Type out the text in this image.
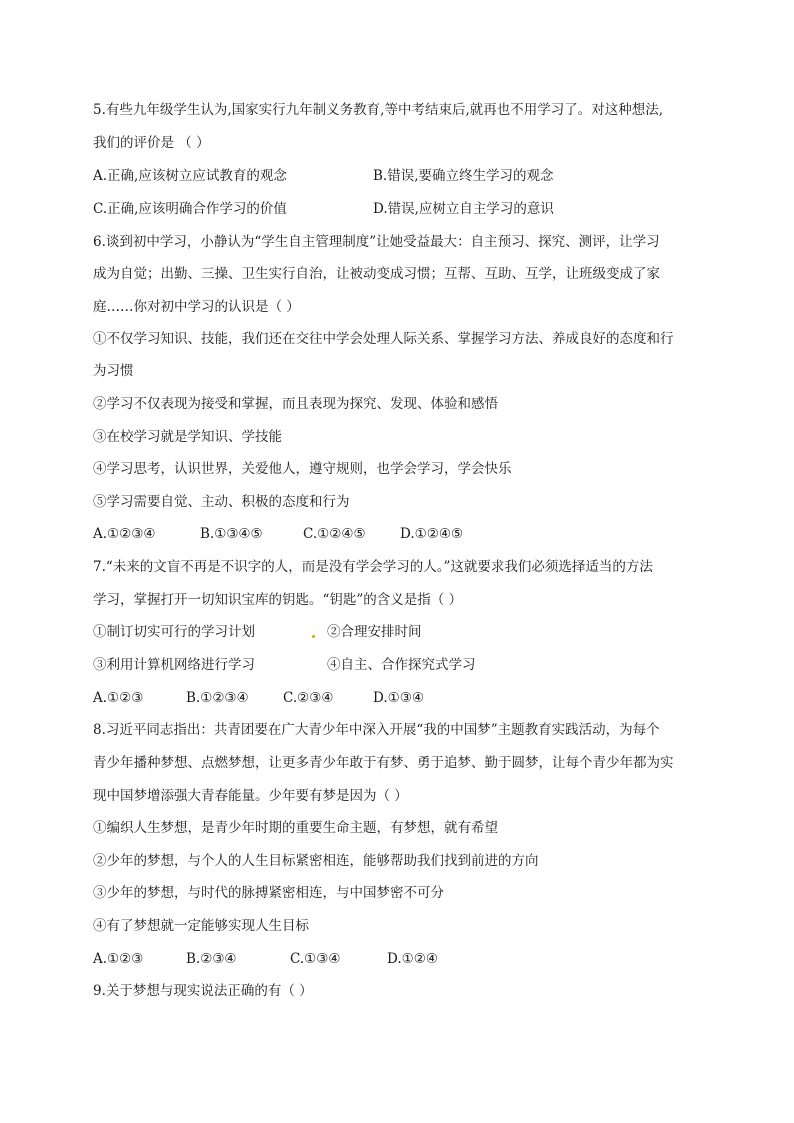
5.有些九年级学生认为,国家实行九年制义务教育,等中考结束后,就再也不用学习了。对这种想法,
我们的评价是 （ ）
A.正确,应该树立应试教育的观念	B.错误,要确立终生学习的观念
C.正确,应该明确合作学习的价值	D.错误,应树立自主学习的意识
6.谈到初中学习，小静认为“学生自主管理制度”让她受益最大：自主预习、探究、测评，让学习
成为自觉；出勤、三操、卫生实行自治，让被动变成习惯；互帮、互助、互学，让班级变成了家
庭……你对初中学习的认识是（ ）
①不仅学习知识、技能，我们还在交往中学会处理人际关系、掌握学习方法、养成良好的态度和行
为习惯
②学习不仅表现为接受和掌握，而且表现为探究、发现、体验和感悟
③在校学习就是学知识、学技能
④学习思考，认识世界，关爱他人，遵守规则，也学会学习，学会快乐
⑤学习需要自觉、主动、积极的态度和行为
A.①②③④	B.①③④⑤	C.①②④⑤	D.①②④⑤
7.“未来的文盲不再是不识字的人，而是没有学会学习的人。”这就要求我们必须选择适当的方法
学习，掌握打开一切知识宝库的钥匙。“钥匙”的含义是指（ ）
①制订切实可行的学习计划	②合理安排时间
③利用计算机网络进行学习	④自主、合作探究式学习
A.①②③	B.①②③④	C.②③④	D.①③④
8.习近平同志指出：共青团要在广大青少年中深入开展“我的中国梦”主题教育实践活动，为每个
青少年播种梦想、点燃梦想，让更多青少年敢于有梦、勇于追梦、勤于圆梦，让每个青少年都为实
现中国梦增添强大青春能量。少年要有梦是因为（ ）
①编织人生梦想，是青少年时期的重要生命主题，有梦想，就有希望
②少年的梦想，与个人的人生目标紧密相连，能够帮助我们找到前进的方向
③少年的梦想，与时代的脉搏紧密相连，与中国梦密不可分
④有了梦想就一定能够实现人生目标
A.①②③	B.②③④	C.①③④	D.①②④
9.关于梦想与现实说法正确的有（ ）
